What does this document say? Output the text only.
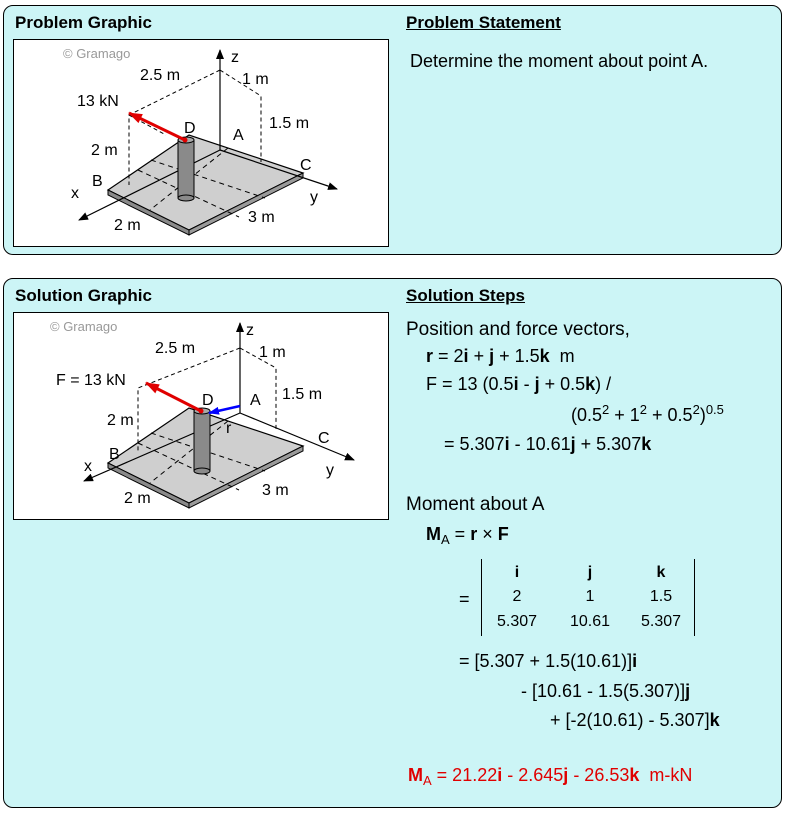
Problem Graphic	Problem Statement
Determine the moment about point A.
© Gramago
2.5 m	1 m
13 kN
1.5 m
D A
2 m
C
B
x	y
z
2 m	3 m
Solution Graphic	Solution Steps
© Gramago
2.5 m	1 m
F = 13 kN
1.5 m
D A
r
2 m
C
B
x	y
z
2 m	3 m
Position and force vectors,
r = 2i + j + 1.5k  m
F = 13 (0.5i - j + 0.5k) /
$(0.5^2 + 1^2 + 0.5^2)^{0.5}$
= 5.307i - 10.61j + 5.307k
Moment about A
$M_A = r \times F$
=
i	j	k
2	1	1.5
5.307	10.61	5.307
= [5.307 + 1.5(10.61)]i
- [10.61 - 1.5(5.307)]j
+ [-2(10.61) - 5.307]k
$M_A = 21.22i - 2.645j - 26.53k$  m-kN
